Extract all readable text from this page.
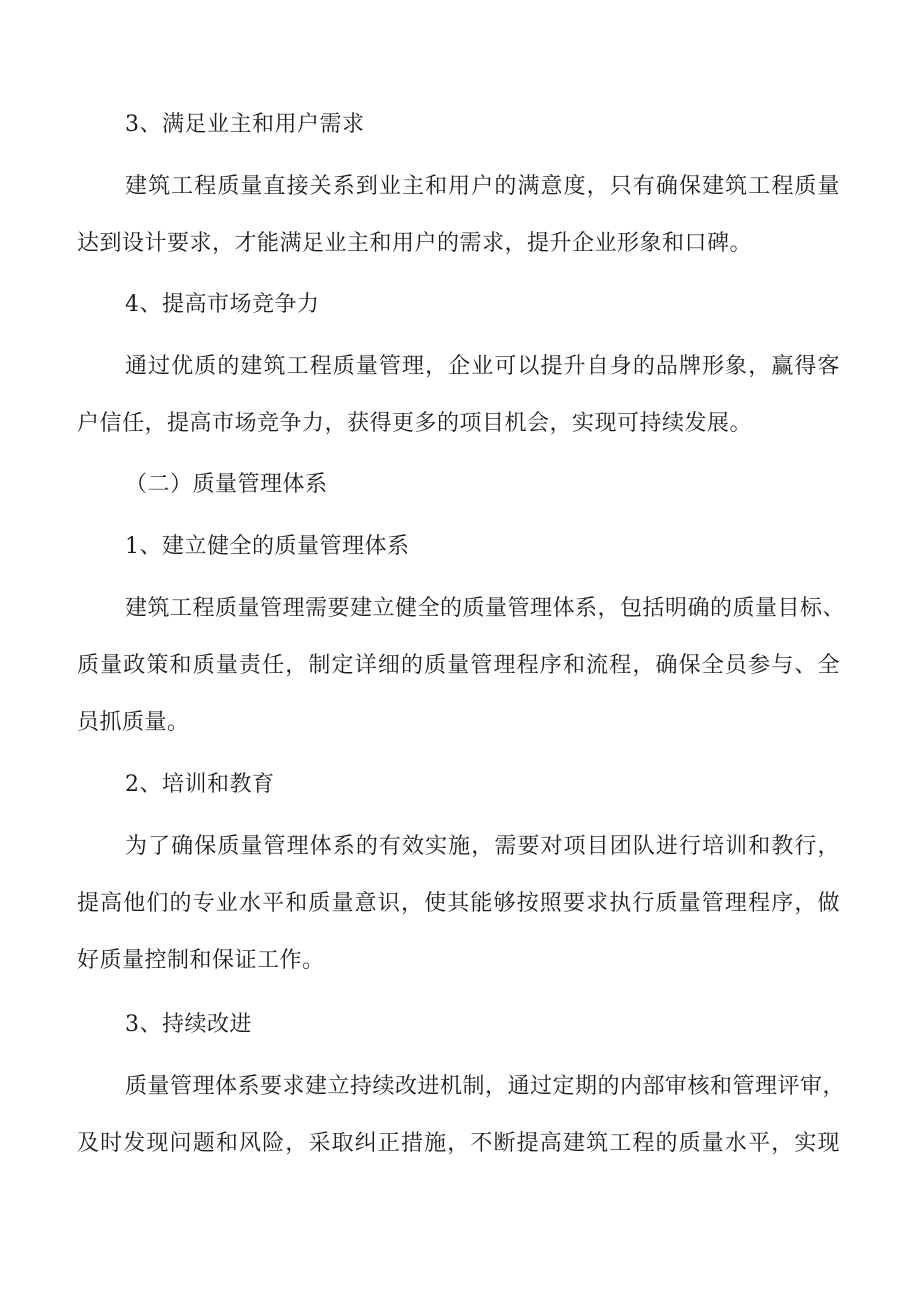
3、满足业主和用户需求
建筑工程质量直接关系到业主和用户的满意度，只有确保建筑工程质量
达到设计要求，才能满足业主和用户的需求，提升企业形象和口碑。
4、提高市场竞争力
通过优质的建筑工程质量管理，企业可以提升自身的品牌形象，赢得客
户信任，提高市场竞争力，获得更多的项目机会，实现可持续发展。
（二）质量管理体系
1、建立健全的质量管理体系
建筑工程质量管理需要建立健全的质量管理体系，包括明确的质量目标、
质量政策和质量责任，制定详细的质量管理程序和流程，确保全员参与、全
员抓质量。
2、培训和教育
为了确保质量管理体系的有效实施，需要对项目团队进行培训和教行，
提高他们的专业水平和质量意识，使其能够按照要求执行质量管理程序，做
好质量控制和保证工作。
3、持续改进
质量管理体系要求建立持续改进机制，通过定期的内部审核和管理评审，
及时发现问题和风险，采取纠正措施，不断提高建筑工程的质量水平，实现
